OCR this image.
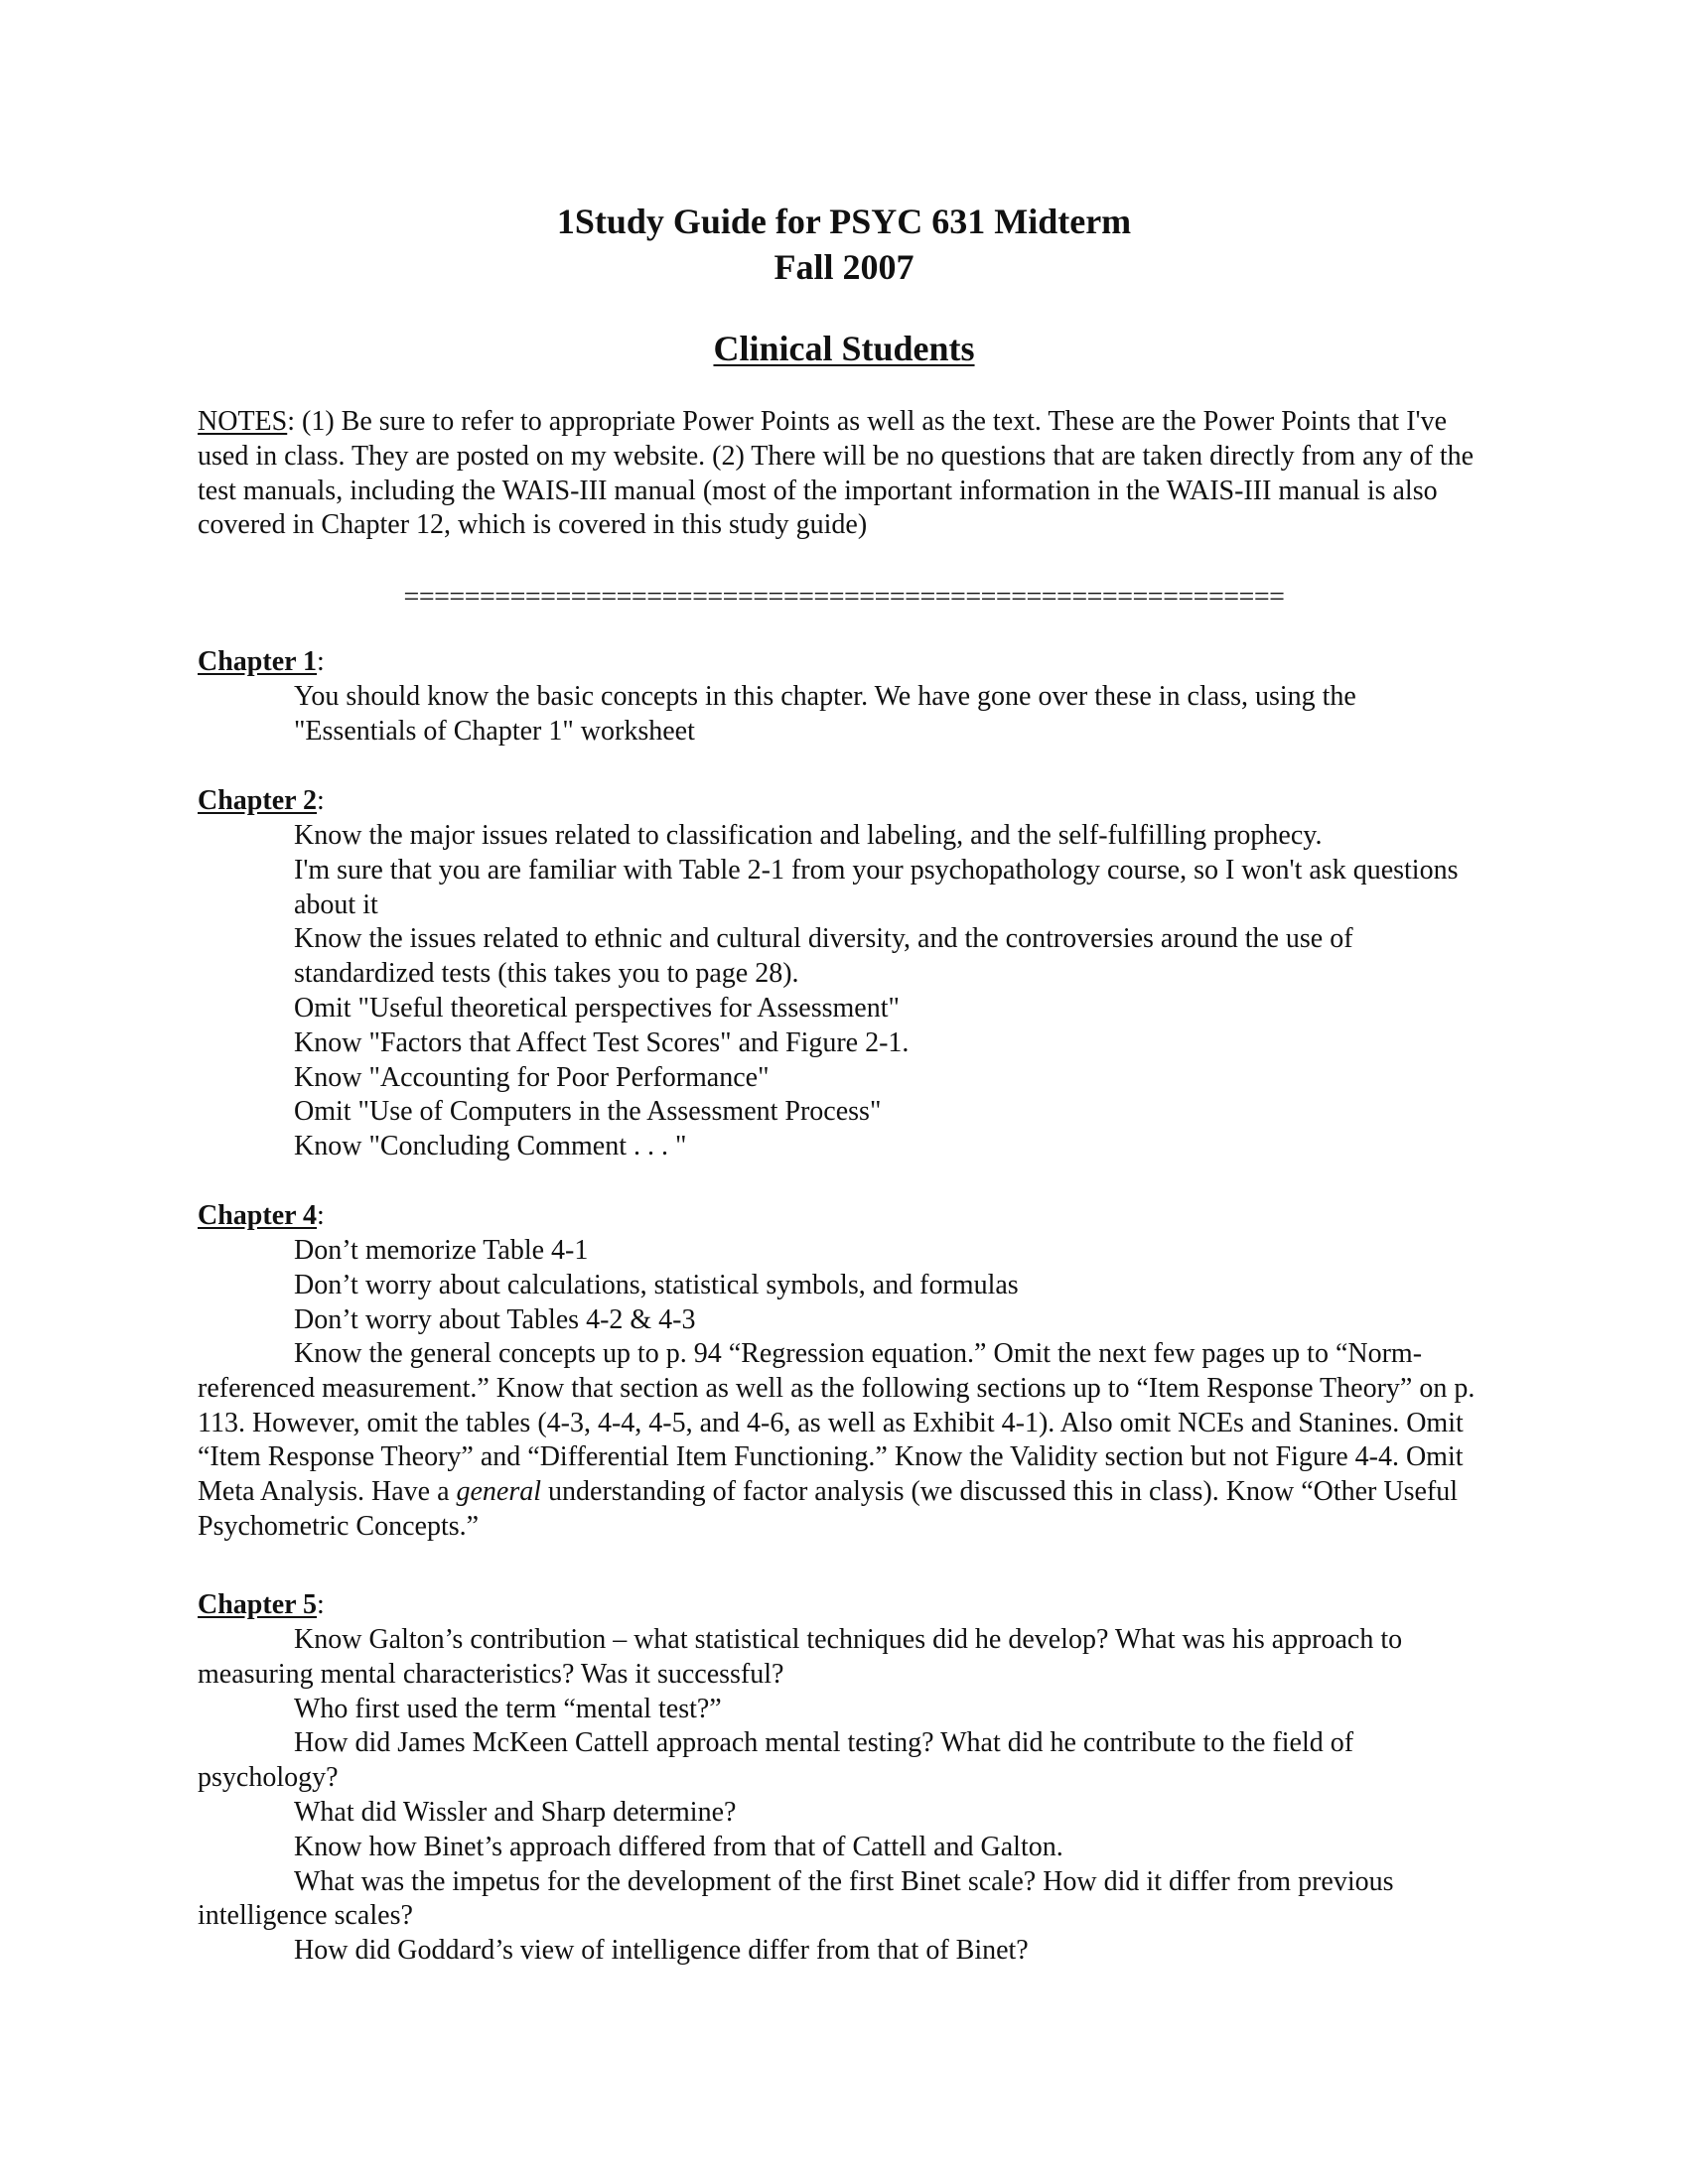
1Study Guide for PSYC 631 Midterm
Fall 2007
Clinical Students
NOTES: (1) Be sure to refer to appropriate Power Points as well as the text. These are the Power Points that I've used in class. They are posted on my website. (2) There will be no questions that are taken directly from any of the test manuals, including the WAIS-III manual (most of the important information in the WAIS-III manual is also covered in Chapter 12, which is covered in this study guide)
==========================================================
Chapter 1:
You should know the basic concepts in this chapter. We have gone over these in class, using the "Essentials of Chapter 1" worksheet
Chapter 2:
Know the major issues related to classification and labeling, and the self-fulfilling prophecy.
I'm sure that you are familiar with Table 2-1 from your psychopathology course, so I won't ask questions about it
Know the issues related to ethnic and cultural diversity, and the controversies around the use of standardized tests (this takes you to page 28).
Omit "Useful theoretical perspectives for Assessment"
Know "Factors that Affect Test Scores" and Figure 2-1.
Know "Accounting for Poor Performance"
Omit "Use of Computers in the Assessment Process"
Know "Concluding Comment . . . "
Chapter 4:
Don’t memorize Table 4-1
Don’t worry about calculations, statistical symbols, and formulas
Don’t worry about Tables 4-2 & 4-3
Know the general concepts up to p. 94 “Regression equation.” Omit the next few pages up to “Norm-referenced measurement.” Know that section as well as the following sections up to “Item Response Theory” on p. 113. However, omit the tables (4-3, 4-4, 4-5, and 4-6, as well as Exhibit 4-1). Also omit NCEs and Stanines. Omit “Item Response Theory” and “Differential Item Functioning.” Know the Validity section but not Figure 4-4. Omit Meta Analysis. Have a general understanding of factor analysis (we discussed this in class). Know “Other Useful Psychometric Concepts.”
Chapter 5:
Know Galton’s contribution – what statistical techniques did he develop? What was his approach to measuring mental characteristics? Was it successful?
Who first used the term “mental test?”
How did James McKeen Cattell approach mental testing? What did he contribute to the field of psychology?
What did Wissler and Sharp determine?
Know how Binet’s approach differed from that of Cattell and Galton.
What was the impetus for the development of the first Binet scale? How did it differ from previous intelligence scales?
How did Goddard’s view of intelligence differ from that of Binet?
